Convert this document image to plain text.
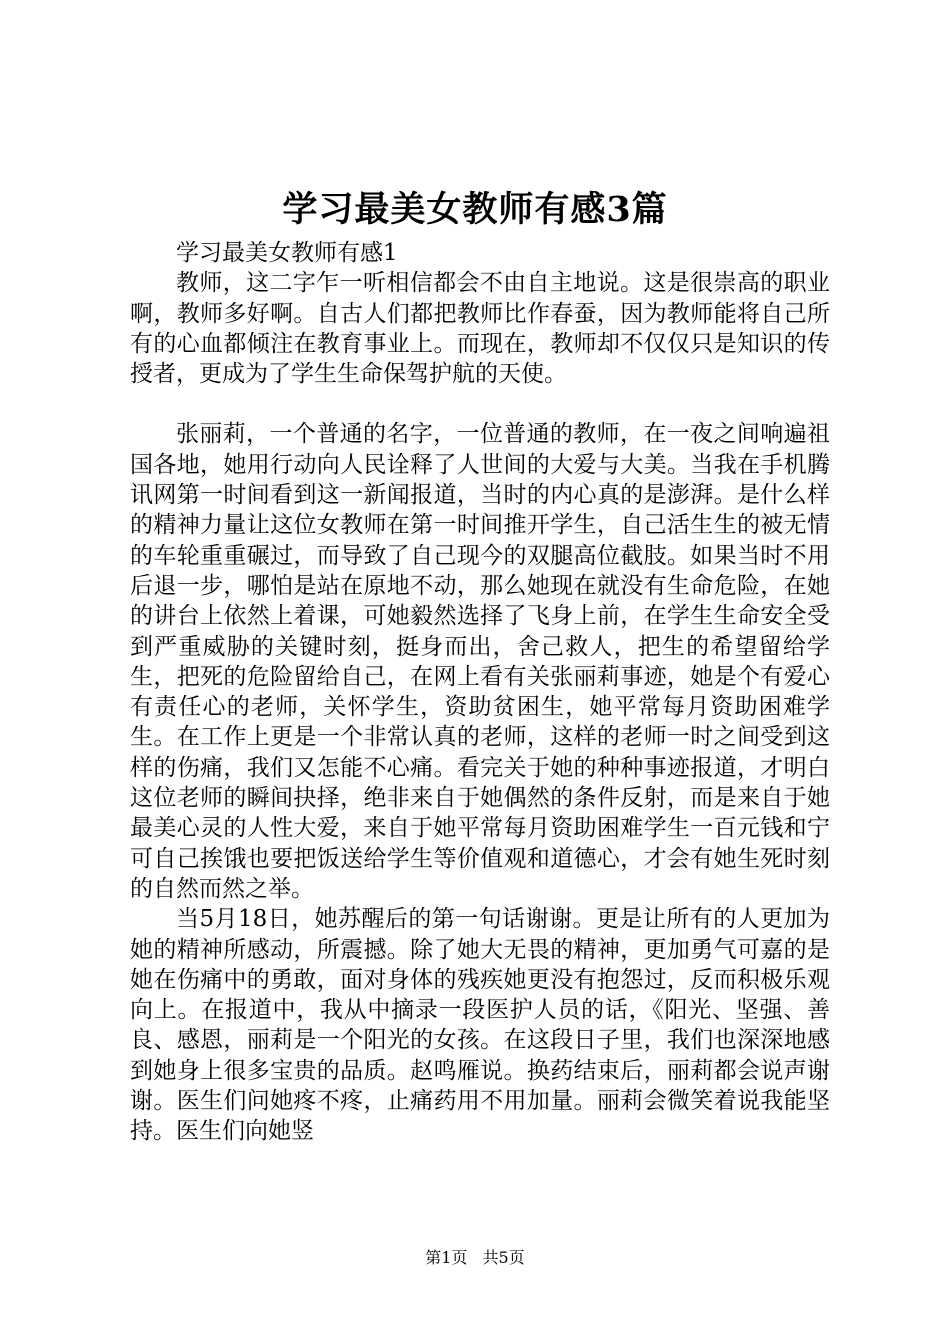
学习最美女教师有感3篇

学习最美女教师有感1

教师，这二字乍一听相信都会不由自主地说。这是很崇高的职业啊，教师多好啊。自古人们都把教师比作春蚕，因为教师能将自己所有的心血都倾注在教育事业上。而现在，教师却不仅仅只是知识的传授者，更成为了学生生命保驾护航的天使。

张丽莉，一个普通的名字，一位普通的教师，在一夜之间响遍祖国各地，她用行动向人民诠释了人世间的大爱与大美。当我在手机腾讯网第一时间看到这一新闻报道，当时的内心真的是澎湃。是什么样的精神力量让这位女教师在第一时间推开学生，自己活生生的被无情的车轮重重碾过，而导致了自己现今的双腿高位截肢。如果当时不用后退一步，哪怕是站在原地不动，那么她现在就没有生命危险，在她的讲台上依然上着课，可她毅然选择了飞身上前，在学生生命安全受到严重威胁的关键时刻，挺身而出，舍己救人，把生的希望留给学生，把死的危险留给自己，在网上看有关张丽莉事迹，她是个有爱心有责任心的老师，关怀学生，资助贫困生，她平常每月资助困难学生。在工作上更是一个非常认真的老师，这样的老师一时之间受到这样的伤痛，我们又怎能不心痛。看完关于她的种种事迹报道，才明白这位老师的瞬间抉择，绝非来自于她偶然的条件反射，而是来自于她最美心灵的人性大爱，来自于她平常每月资助困难学生一百元钱和宁可自己挨饿也要把饭送给学生等价值观和道德心，才会有她生死时刻的自然而然之举。

当5月18日，她苏醒后的第一句话谢谢。更是让所有的人更加为她的精神所感动，所震撼。除了她大无畏的精神，更加勇气可嘉的是她在伤痛中的勇敢，面对身体的残疾她更没有抱怨过，反而积极乐观向上。在报道中，我从中摘录一段医护人员的话，《阳光、坚强、善良、感恩，丽莉是一个阳光的女孩。在这段日子里，我们也深深地感到她身上很多宝贵的品质。赵鸣雁说。换药结束后，丽莉都会说声谢谢。医生们问她疼不疼，止痛药用不用加量。丽莉会微笑着说我能坚持。医生们向她竖

第1页 共5页
